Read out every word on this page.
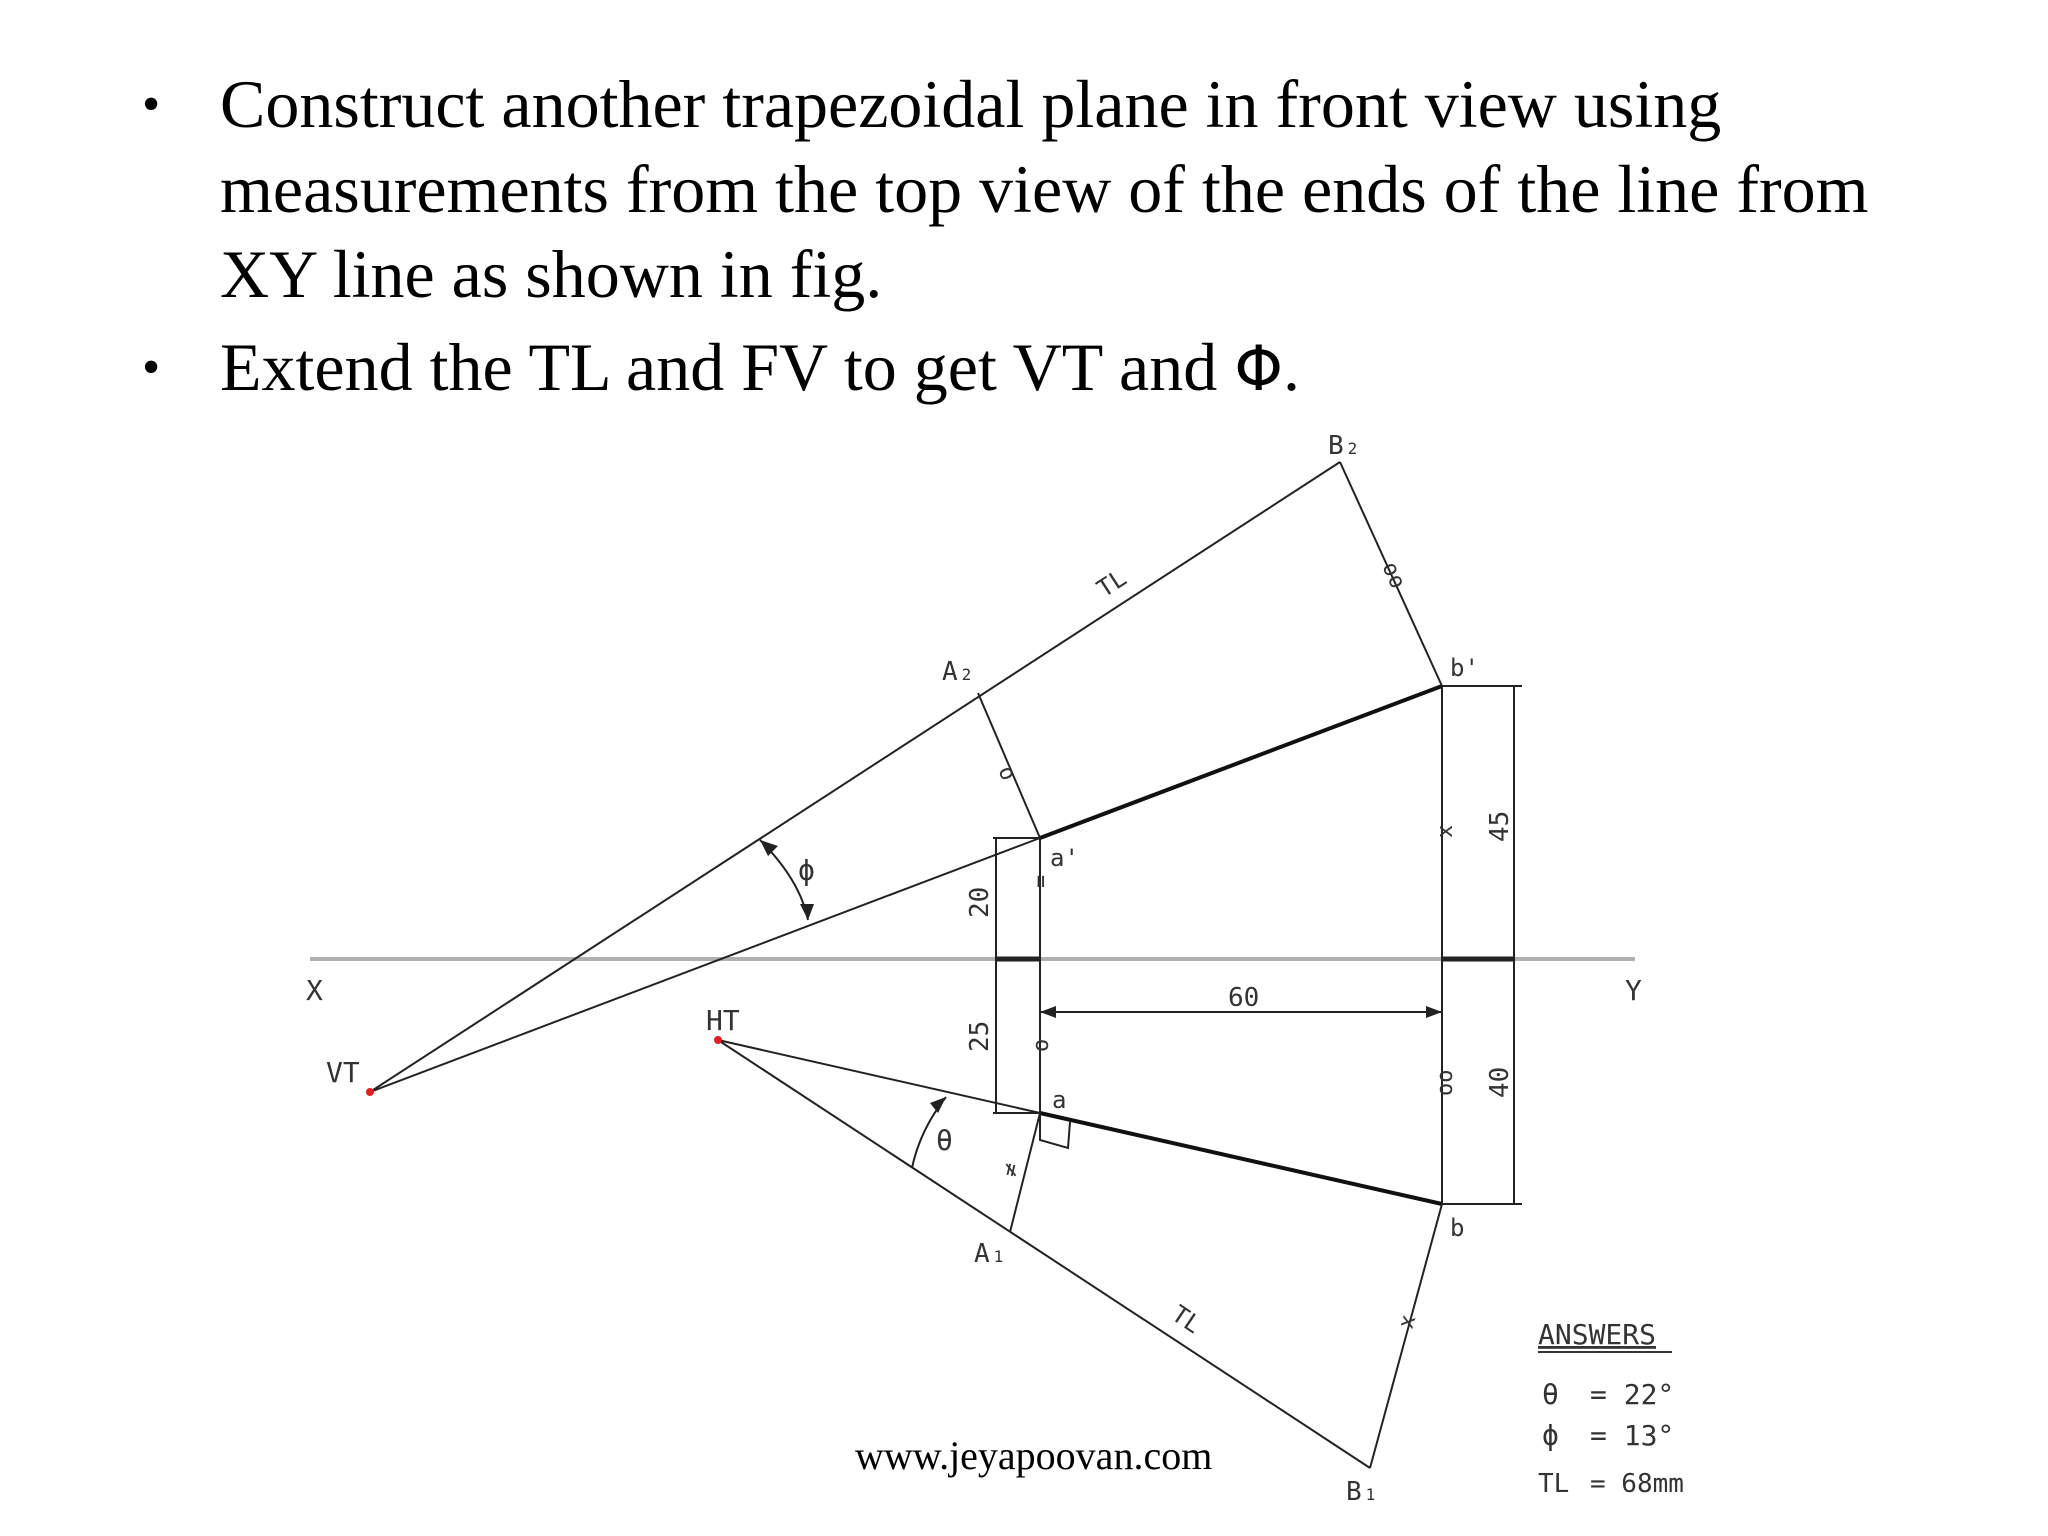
• Construct another trapezoidal plane in front view using measurements from the top view of the ends of the line from XY line as shown in fig.
• Extend the TL and FV to get VT and Φ.
X	Y
20
25
60
45
40
VT
HT
a'
b'
a
b
A 2
B 2
A 1
B 1
TL
TL
ϕ
θ
o
oo
x
=
o
oo
≠
x	ANSWERS
θ = 22°
ϕ = 13°
TL = 68mm
www.jeyapoovan.com
